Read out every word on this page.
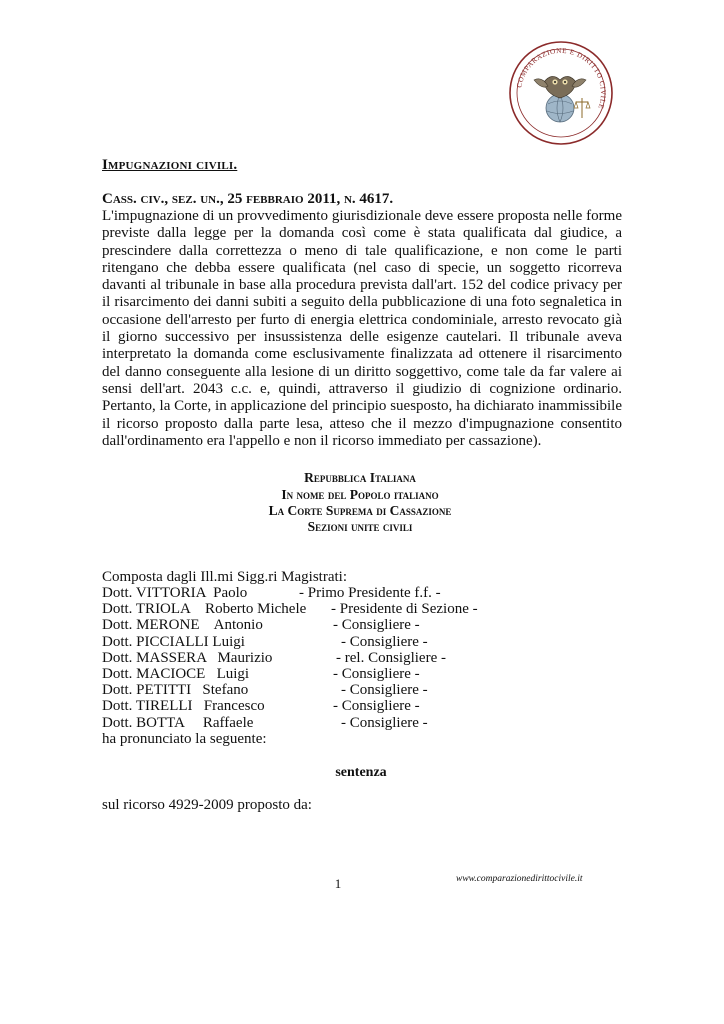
COMPARAZIONE E DIRITTO CIVILE
Impugnazioni civili.
Cass. civ., sez. un., 25 febbraio 2011, n. 4617.

L'impugnazione di un provvedimento giurisdizionale deve essere proposta nelle forme previste dalla legge per la domanda così come è stata qualificata dal giudice, a prescindere dalla correttezza o meno di tale qualificazione, e non come le parti ritengano che debba essere qualificata (nel caso di specie, un soggetto ricorreva davanti al tribunale in base alla procedura prevista dall'art. 152 del codice privacy per il risarcimento dei danni subiti a seguito della pubblicazione di una foto segnaletica in occasione dell'arresto per furto di energia elettrica condominiale, arresto revocato già il giorno successivo per insussistenza delle esigenze cautelari. Il tribunale aveva interpretato la domanda come esclusivamente finalizzata ad ottenere il risarcimento del danno conseguente alla lesione di un diritto soggettivo, come tale da far valere ai sensi dell'art. 2043 c.c. e, quindi, attraverso il giudizio di cognizione ordinario. Pertanto, la Corte, in applicazione del principio suesposto, ha dichiarato inammissibile il ricorso proposto dalla parte lesa, atteso che il mezzo d'impugnazione consentito dall'ordinamento era l'appello e non il ricorso immediato per cassazione).

Repubblica Italiana
In nome del Popolo italiano
La Corte Suprema di Cassazione
Sezioni unite civili
Composta dagli Ill.mi Sigg.ri Magistrati:
Dott. VITTORIA  Paolo	- Primo Presidente f.f. -
Dott. TRIOLA    Roberto Michele - Presidente di Sezione -
Dott. MERONE    Antonio	- Consigliere -
Dott. PICCIALLI Luigi	- Consigliere -
Dott. MASSERA   Maurizio	- rel. Consigliere -
Dott. MACIOCE   Luigi	- Consigliere -
Dott. PETITTI   Stefano	- Consigliere -
Dott. TIRELLI   Francesco	- Consigliere -
Dott. BOTTA     Raffaele	- Consigliere -
ha pronunciato la seguente:
sentenza
sul ricorso 4929-2009 proposto da:
1	www.comparazionedirittocivile.it
